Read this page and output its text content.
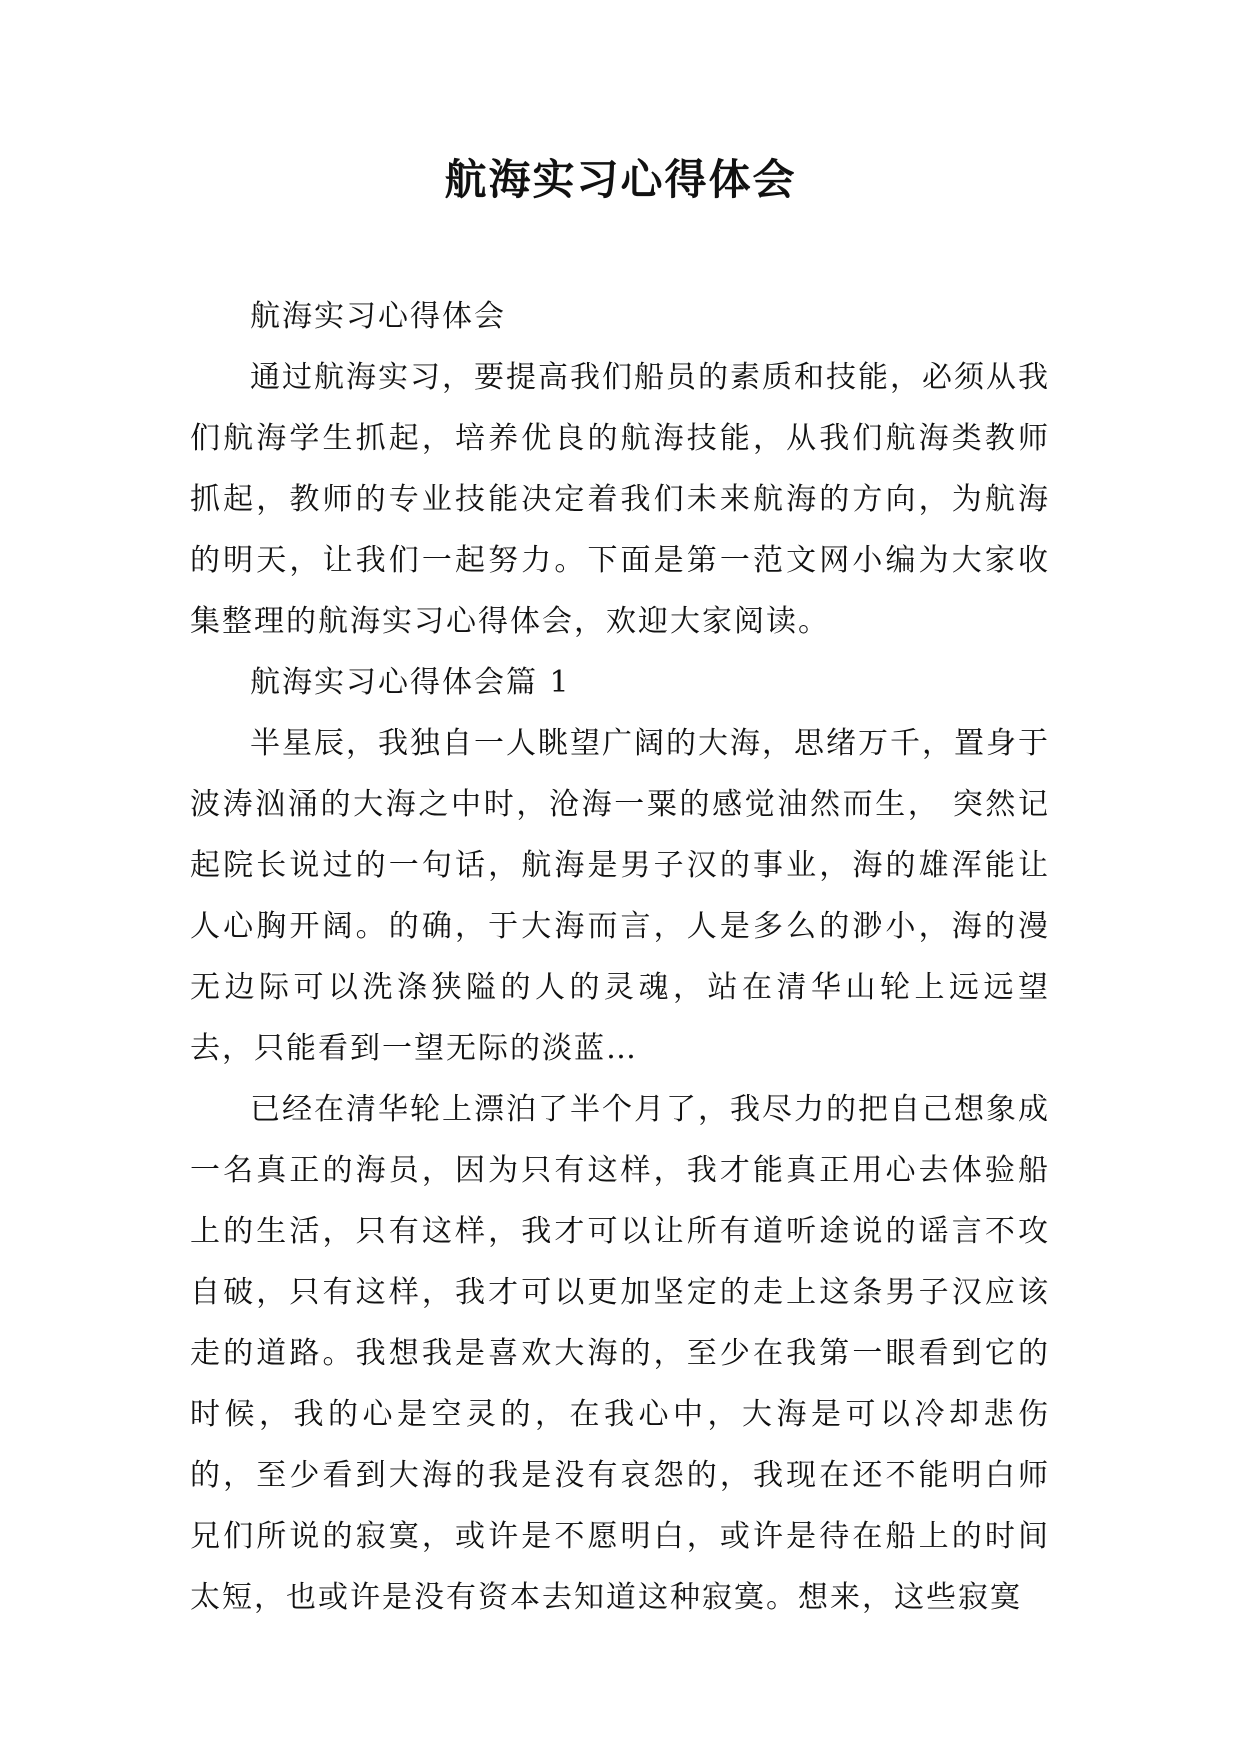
航海实习心得体会

航海实习心得体会

通过航海实习，要提高我们船员的素质和技能，必须从我们航海学生抓起，培养优良的航海技能，从我们航海类教师抓起，教师的专业技能决定着我们未来航海的方向，为航海的明天，让我们一起努力。下面是第一范文网小编为大家收集整理的航海实习心得体会，欢迎大家阅读。

航海实习心得体会篇 1

半星辰，我独自一人眺望广阔的大海，思绪万千，置身于波涛汹涌的大海之中时，沧海一粟的感觉油然而生， 突然记起院长说过的一句话，航海是男子汉的事业，海的雄浑能让人心胸开阔。的确，于大海而言，人是多么的渺小，海的漫无边际可以洗涤狭隘的人的灵魂，站在清华山轮上远远望去，只能看到一望无际的淡蓝…

已经在清华轮上漂泊了半个月了，我尽力的把自己想象成一名真正的海员，因为只有这样，我才能真正用心去体验船上的生活，只有这样，我才可以让所有道听途说的谣言不攻自破，只有这样，我才可以更加坚定的走上这条男子汉应该走的道路。我想我是喜欢大海的，至少在我第一眼看到它的时候，我的心是空灵的，在我心中，大海是可以冷却悲伤的，至少看到大海的我是没有哀怨的，我现在还不能明白师兄们所说的寂寞，或许是不愿明白，或许是待在船上的时间太短，也或许是没有资本去知道这种寂寞。想来，这些寂寞
